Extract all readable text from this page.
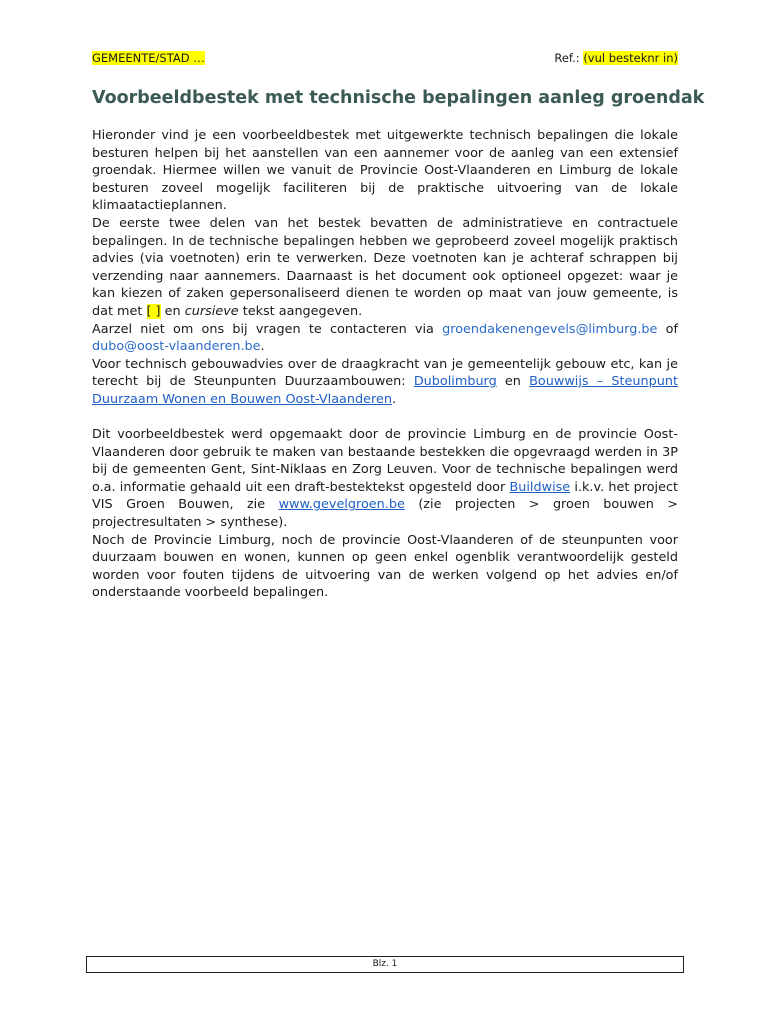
GEMEENTE/STAD …	Ref.: (vul besteknr in)
Voorbeeldbestek met technische bepalingen aanleg groendak

Hieronder vind je een voorbeeldbestek met uitgewerkte technisch bepalingen die lokale besturen helpen bij het aanstellen van een aannemer voor de aanleg van een extensief groendak. Hiermee willen we vanuit de Provincie Oost-Vlaanderen en Limburg de lokale besturen zoveel mogelijk faciliteren bij de praktische uitvoering van de lokale klimaatactieplannen.

De eerste twee delen van het bestek bevatten de administratieve en contractuele bepalingen. In de technische bepalingen hebben we geprobeerd zoveel mogelijk praktisch advies (via voetnoten) erin te verwerken. Deze voetnoten kan je achteraf schrappen bij verzending naar aannemers. Daarnaast is het document ook optioneel opgezet: waar je kan kiezen of zaken gepersonaliseerd dienen te worden op maat van jouw gemeente, is dat met [ ] en cursieve tekst aangegeven.

Aarzel niet om ons bij vragen te contacteren via groendakenengevels@limburg.be of dubo@oost-vlaanderen.be.

Voor technisch gebouwadvies over de draagkracht van je gemeentelijk gebouw etc, kan je terecht bij de Steunpunten Duurzaambouwen: Dubolimburg en Bouwwijs – Steunpunt Duurzaam Wonen en Bouwen Oost-Vlaanderen.

Dit voorbeeldbestek werd opgemaakt door de provincie Limburg en de provincie Oost-Vlaanderen door gebruik te maken van bestaande bestekken die opgevraagd werden in 3P bij de gemeenten Gent, Sint-Niklaas en Zorg Leuven. Voor de technische bepalingen werd o.a. informatie gehaald uit een draft-bestektekst opgesteld door Buildwise i.k.v. het project VIS Groen Bouwen, zie www.gevelgroen.be (zie projecten > groen bouwen > projectresultaten > synthese).

Noch de Provincie Limburg, noch de provincie Oost-Vlaanderen of de steunpunten voor duurzaam bouwen en wonen, kunnen op geen enkel ogenblik verantwoordelijk gesteld worden voor fouten tijdens de uitvoering van de werken volgend op het advies en/of onderstaande voorbeeld bepalingen.

Blz. 1
